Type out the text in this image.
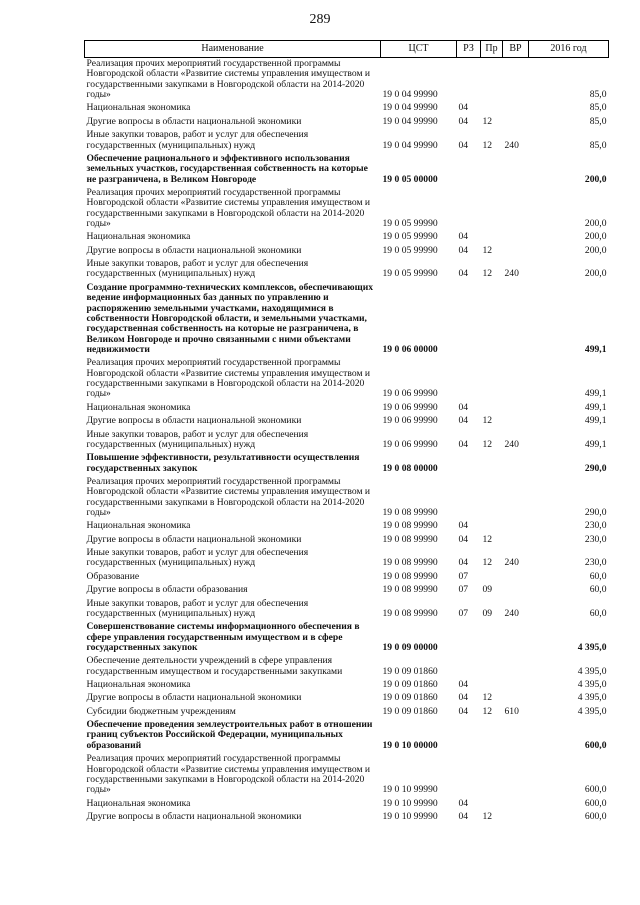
289
Наименование	ЦСТ	РЗ	Пр	ВР	2016 год
Реализация прочих мероприятий государственной программы Новгородской области «Развитие системы управления имуществом и государственными закупками в Новгородской области на 2014-2020 годы»	19 0 04 99990				85,0
Национальная экономика	19 0 04 99990	04			85,0
Другие вопросы в области национальной экономики	19 0 04 99990	04	12		85,0
Иные закупки товаров, работ и услуг для обеспечения государственных (муниципальных) нужд	19 0 04 99990	04	12	240	85,0
Обеспечение рационального и эффективного использования земельных участков, государственная собственность на которые не разграничена, в Великом Новгороде	19 0 05 00000				200,0
Реализация прочих мероприятий государственной программы Новгородской области «Развитие системы управления имуществом и государственными закупками в Новгородской области на 2014-2020 годы»	19 0 05 99990				200,0
Национальная экономика	19 0 05 99990	04			200,0
Другие вопросы в области национальной экономики	19 0 05 99990	04	12		200,0
Иные закупки товаров, работ и услуг для обеспечения государственных (муниципальных) нужд	19 0 05 99990	04	12	240	200,0
Создание программно-технических комплексов, обеспечивающих ведение информационных баз данных по управлению и распоряжению земельными участками, находящимися в собственности Новгородской области, и земельными участками, государственная собственность на которые не разграничена, в Великом Новгороде и прочно связанными с ними объектами недвижимости	19 0 06 00000				499,1
Реализация прочих мероприятий государственной программы Новгородской области «Развитие системы управления имуществом и государственными закупками в Новгородской области на 2014-2020 годы»	19 0 06 99990				499,1
Национальная экономика	19 0 06 99990	04			499,1
Другие вопросы в области национальной экономики	19 0 06 99990	04	12		499,1
Иные закупки товаров, работ и услуг для обеспечения государственных (муниципальных) нужд	19 0 06 99990	04	12	240	499,1
Повышение эффективности, результативности осуществления государственных закупок	19 0 08 00000				290,0
Реализация прочих мероприятий государственной программы Новгородской области «Развитие системы управления имуществом и государственными закупками в Новгородской области на 2014-2020 годы»	19 0 08 99990				290,0
Национальная экономика	19 0 08 99990	04			230,0
Другие вопросы в области национальной экономики	19 0 08 99990	04	12		230,0
Иные закупки товаров, работ и услуг для обеспечения государственных (муниципальных) нужд	19 0 08 99990	04	12	240	230,0
Образование	19 0 08 99990	07			60,0
Другие вопросы в области образования	19 0 08 99990	07	09		60,0
Иные закупки товаров, работ и услуг для обеспечения государственных (муниципальных) нужд	19 0 08 99990	07	09	240	60,0
Совершенствование системы информационного обеспечения в сфере управления государственным имуществом и в сфере государственных закупок	19 0 09 00000				4 395,0
Обеспечение деятельности учреждений в сфере управления государственным имуществом и государственными закупками	19 0 09 01860				4 395,0
Национальная экономика	19 0 09 01860	04			4 395,0
Другие вопросы в области национальной экономики	19 0 09 01860	04	12		4 395,0
Субсидии бюджетным учреждениям	19 0 09 01860	04	12	610	4 395,0
Обеспечение проведения землеустроительных работ в отношении границ субъектов Российской Федерации, муниципальных образований	19 0 10 00000				600,0
Реализация прочих мероприятий государственной программы Новгородской области «Развитие системы управления имуществом и государственными закупками в Новгородской области на 2014-2020 годы»	19 0 10 99990				600,0
Национальная экономика	19 0 10 99990	04			600,0
Другие вопросы в области национальной экономики	19 0 10 99990	04	12		600,0
